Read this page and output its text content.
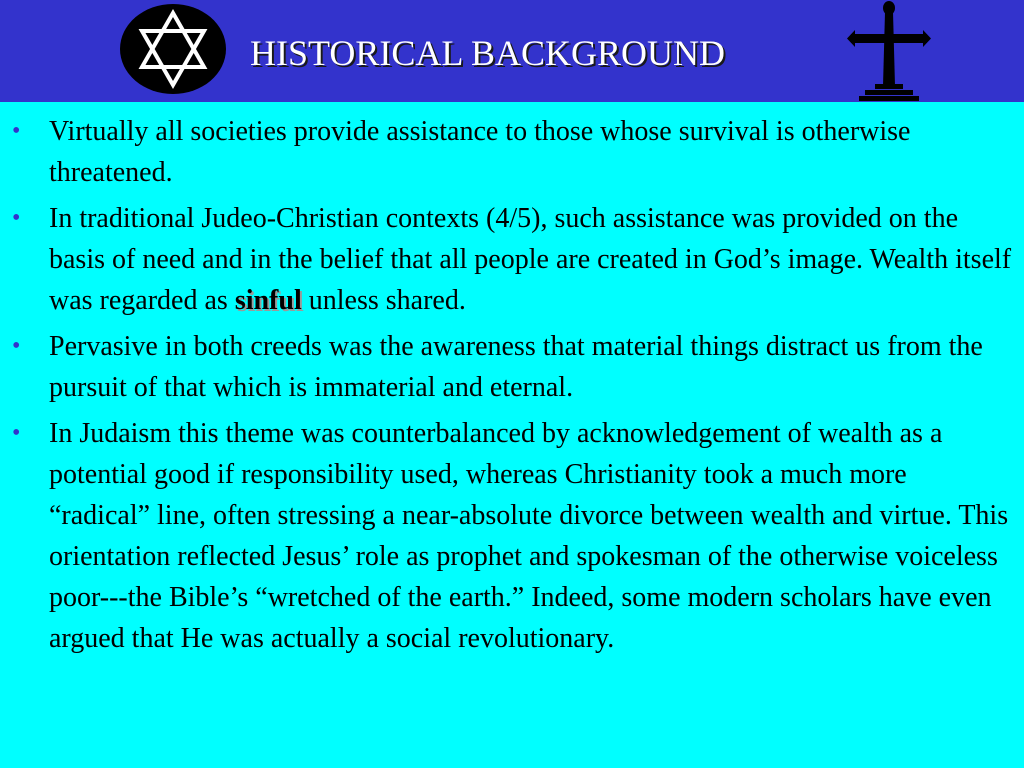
HISTORICAL BACKGROUND
•	Virtually all societies provide assistance to those whose survival is otherwise threatened.
•	In traditional Judeo-Christian contexts (4/5), such assistance was provided on the basis of need and in the belief that all people are created in God’s image. Wealth itself was regarded as sinful unless shared.
•	Pervasive in both creeds was the awareness that material things distract us from the pursuit of that which is immaterial and eternal.
•	In Judaism this theme was counterbalanced by acknowledgement of wealth as a potential good if responsibility used, whereas Christianity took a much more “radical” line, often stressing a near-absolute divorce between wealth and virtue. This orientation reflected Jesus’ role as prophet and spokesman of the otherwise voiceless poor---the Bible’s “wretched of the earth.” Indeed, some modern scholars have even argued that He was actually a social revolutionary.
